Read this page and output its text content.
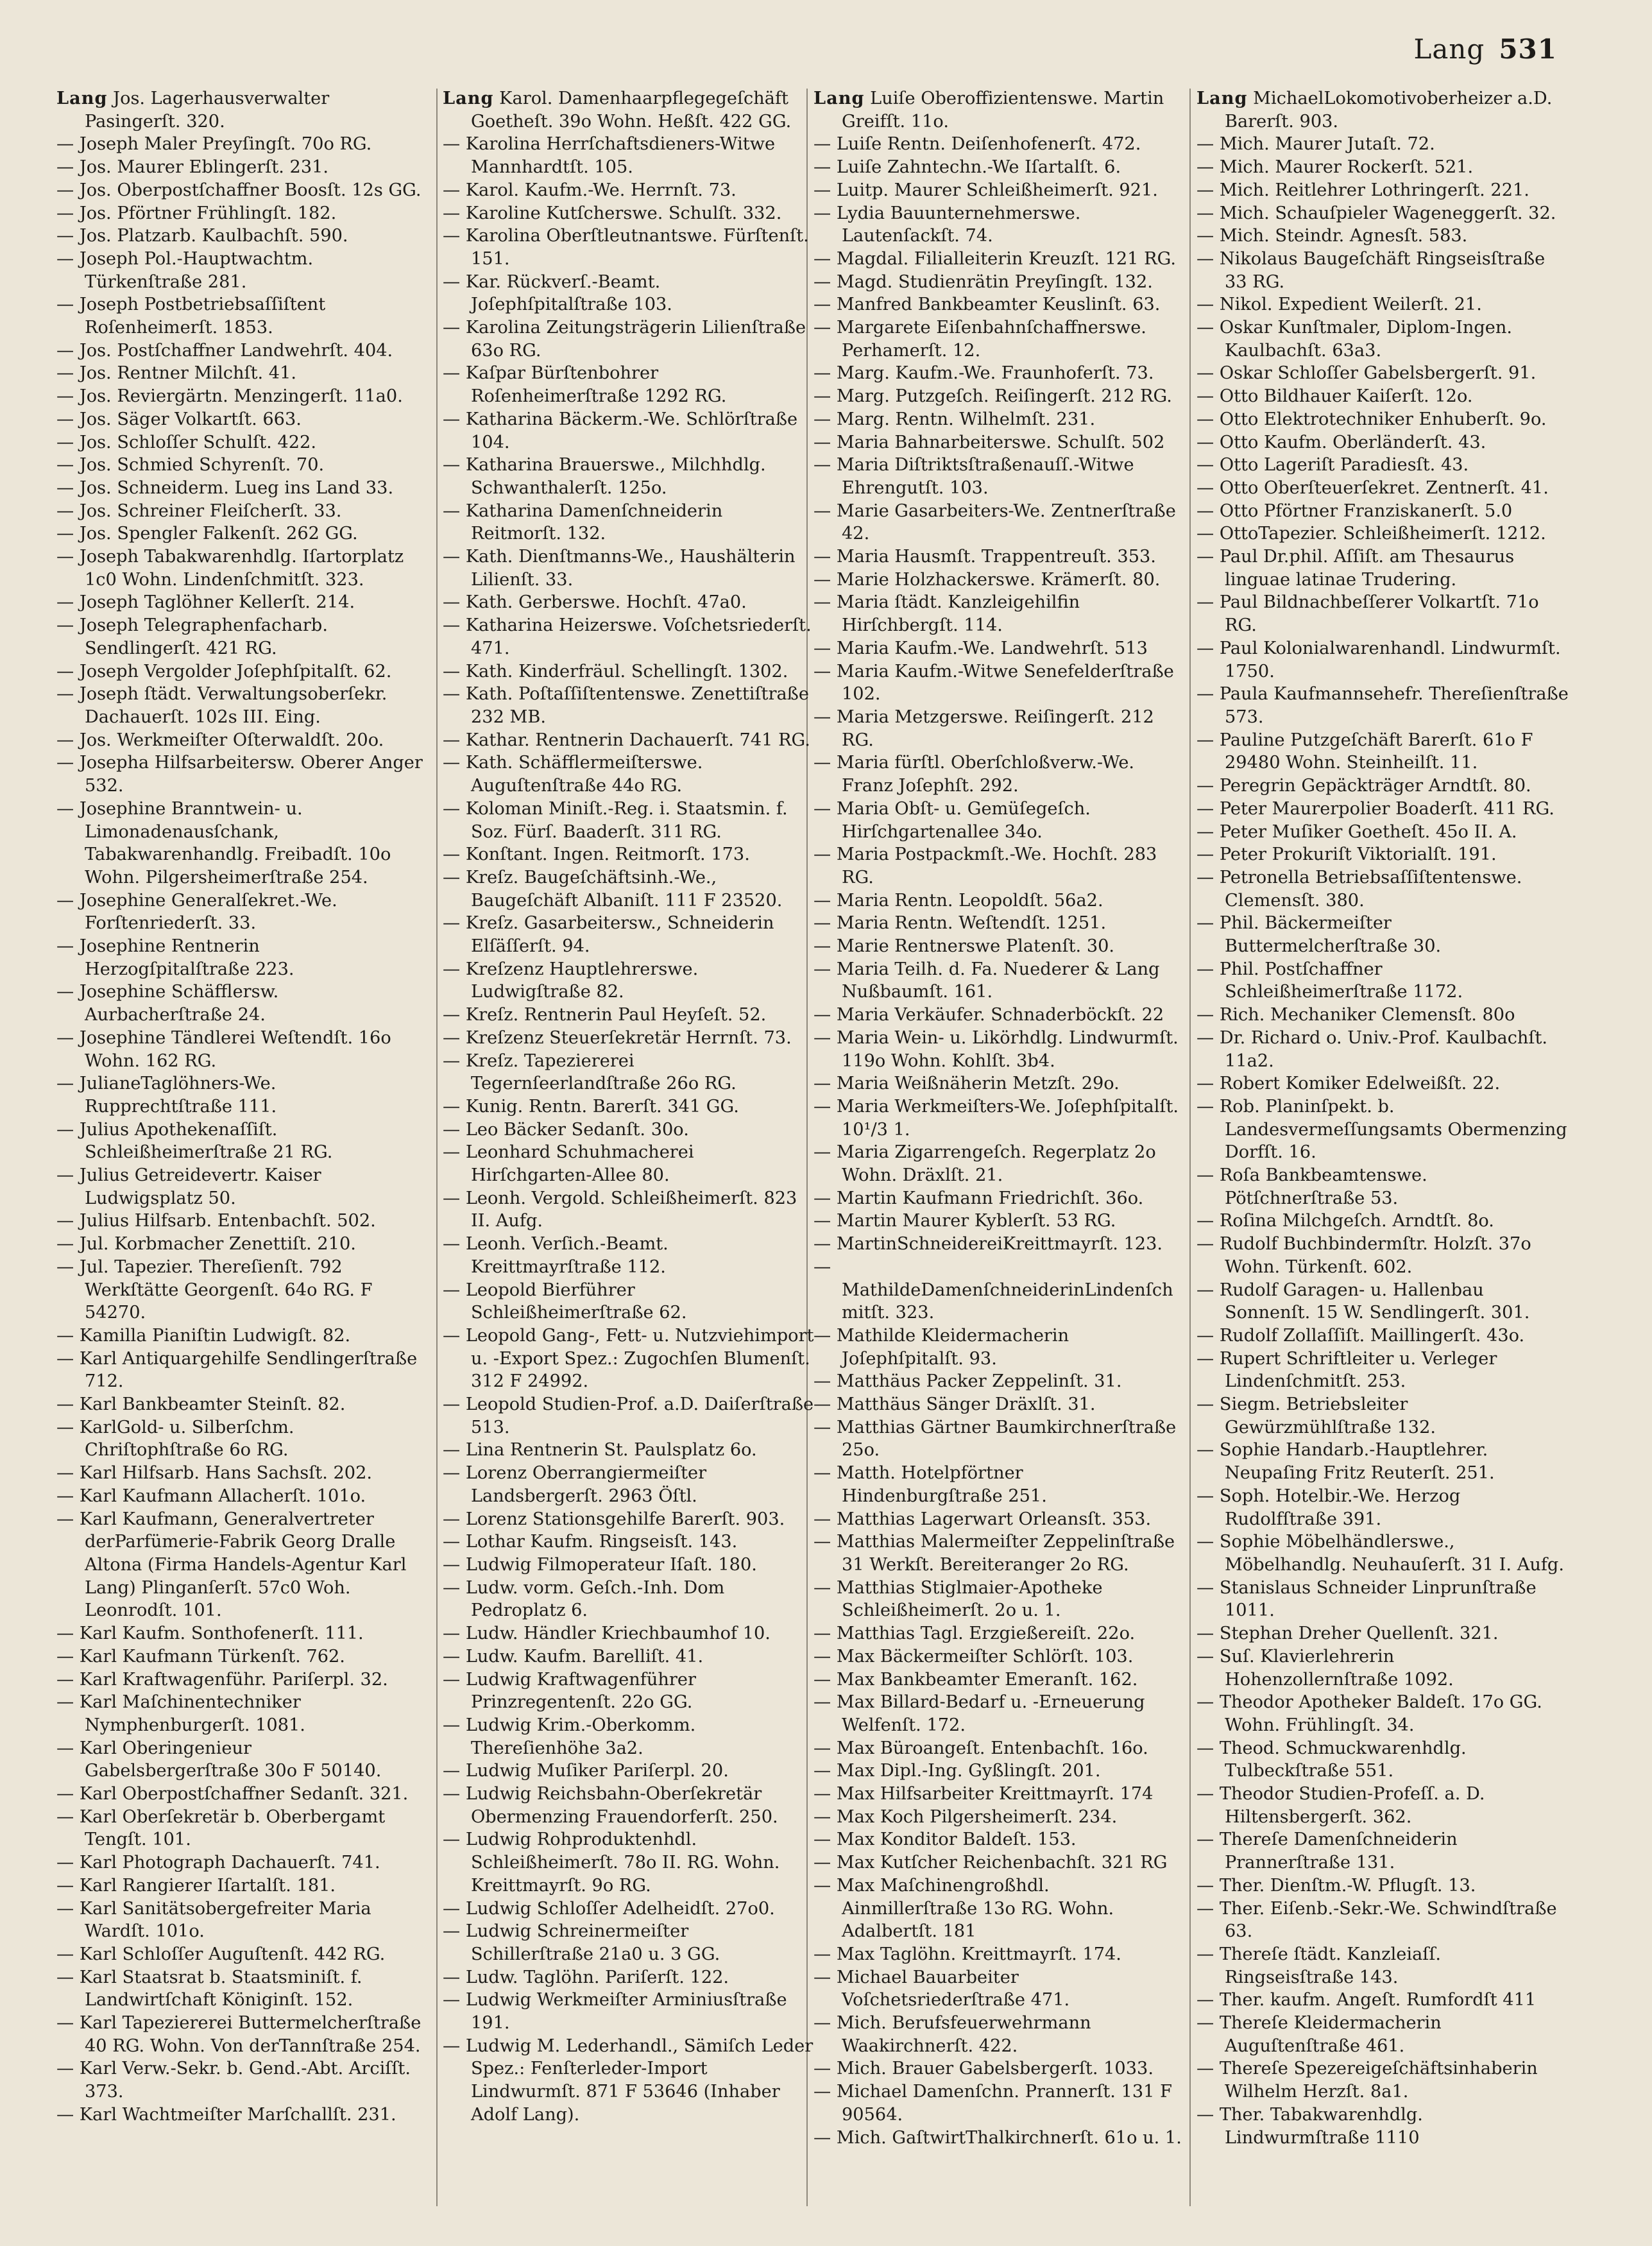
Lang 531

Lang Jos. Lagerhausverwalter Pasingerſt. 320.

— Joseph Maler Preyſingſt. 70o RG.

— Jos. Maurer Eblingerſt. 231.

— Jos. Oberpostſchaffner Boosſt. 12s GG.

— Jos. Pförtner Frühlingſt. 182.

— Jos. Platzarb. Kaulbachſt. 590.

— Joseph Pol.-Hauptwachtm. Türkenſtraße 281.

— Joseph Postbetriebsaſſiſtent Roſenheimerſt. 1853.

— Jos. Postſchaffner Landwehrſt. 404.

— Jos. Rentner Milchſt. 41.

— Jos. Reviergärtn. Menzingerſt. 11a0.

— Jos. Säger Volkartſt. 663.

— Jos. Schloſſer Schulſt. 422.

— Jos. Schmied Schyrenſt. 70.

— Jos. Schneiderm. Lueg ins Land 33.

— Jos. Schreiner Fleiſcherſt. 33.

— Jos. Spengler Falkenſt. 262 GG.

— Joseph Tabakwarenhdlg. Iſartorplatz 1c0 Wohn. Lindenſchmitſt. 323.

— Joseph Taglöhner Kellerſt. 214.

— Joseph Telegraphenfacharb. Sendlingerſt. 421 RG.

— Joseph Vergolder Joſephſpitalſt. 62.

— Joseph ſtädt. Verwaltungsoberſekr. Dachauerſt. 102s III. Eing.

— Jos. Werkmeiſter Oſterwaldſt. 20o.

— Josepha Hilfsarbeitersw. Oberer Anger 532.

— Josephine Branntwein- u. Limonadenausſchank, Tabakwarenhandlg. Freibadſt. 10o Wohn. Pilgersheimerſtraße 254.

— Josephine Generalſekret.-We. Forſtenriederſt. 33.

— Josephine Rentnerin Herzogſpitalſtraße 223.

— Josephine Schäfflersw. Aurbacherſtraße 24.

— Josephine Tändlerei Weſtendſt. 16o Wohn. 162 RG.

— JulianeTaglöhners-We. Rupprechtſtraße 111.

— Julius Apothekenaſſiſt. Schleißheimerſtraße 21 RG.

— Julius Getreidevertr. Kaiser Ludwigsplatz 50.

— Julius Hilfsarb. Entenbachſt. 502.

— Jul. Korbmacher Zenettiſt. 210.

— Jul. Tapezier. Thereſienſt. 792 Werkſtätte Georgenſt. 64o RG. F 54270.

— Kamilla Pianiſtin Ludwigſt. 82.

— Karl Antiquargehilfe Sendlingerſtraße 712.

— Karl Bankbeamter Steinſt. 82.

— KarlGold- u. Silberſchm. Chriſtophſtraße 6o RG.

— Karl Hilfsarb. Hans Sachsſt. 202.

— Karl Kaufmann Allacherſt. 101o.

— Karl Kaufmann, Generalvertreter derParfümerie-Fabrik Georg Dralle Altona (Firma Handels-Agentur Karl Lang) Plinganſerſt. 57c0 Woh. Leonrodſt. 101.

— Karl Kaufm. Sonthofenerſt. 111.

— Karl Kaufmann Türkenſt. 762.

— Karl Kraftwagenführ. Pariſerpl. 32.

— Karl Maſchinentechniker Nymphenburgerſt. 1081.

— Karl Oberingenieur Gabelsbergerſtraße 30o F 50140.

— Karl Oberpostſchaffner Sedanſt. 321.

— Karl Oberſekretär b. Oberbergamt Tengſt. 101.

— Karl Photograph Dachauerſt. 741.

— Karl Rangierer Iſartalſt. 181.

— Karl Sanitätsobergefreiter Maria Wardſt. 101o.

— Karl Schloſſer Auguſtenſt. 442 RG.

— Karl Staatsrat b. Staatsminiſt. f. Landwirtſchaft Königinſt. 152.

— Karl Tapeziererei Buttermelcherſtraße 40 RG. Wohn. Von derTannſtraße 254.

— Karl Verw.-Sekr. b. Gend.-Abt. Arciſſt. 373.

— Karl Wachtmeiſter Marſchallſt. 231.

Lang Karol. Damenhaarpflegegeſchäft Goetheſt. 39o Wohn. Heßſt. 422 GG.

— Karolina Herrſchaftsdieners-Witwe Mannhardtſt. 105.

— Karol. Kaufm.-We. Herrnſt. 73.

— Karoline Kutſcherswe. Schulſt. 332.

— Karolina Oberſtleutnantswe. Fürſtenſt. 151.

— Kar. Rückverſ.-Beamt. Joſephſpitalſtraße 103.

— Karolina Zeitungsträgerin Lilienſtraße 63o RG.

— Kaſpar Bürſtenbohrer Roſenheimerſtraße 1292 RG.

— Katharina Bäckerm.-We. Schlörſtraße 104.

— Katharina Brauerswe., Milchhdlg. Schwanthalerſt. 125o.

— Katharina Damenſchneiderin Reitmorſt. 132.

— Kath. Dienſtmanns-We., Haushälterin Lilienſt. 33.

— Kath. Gerberswe. Hochſt. 47a0.

— Katharina Heizerswe. Voſchetsriederſt. 471.

— Kath. Kinderfräul. Schellingſt. 1302.

— Kath. Poſtaſſiſtentenswe. Zenettiſtraße 232 MB.

— Kathar. Rentnerin Dachauerſt. 741 RG.

— Kath. Schäfflermeiſterswe. Auguſtenſtraße 44o RG.

— Koloman Miniſt.-Reg. i. Staatsmin. f. Soz. Fürſ. Baaderſt. 311 RG.

— Konſtant. Ingen. Reitmorſt. 173.

— Kreſz. Baugeſchäftsinh.-We., Baugeſchäft Albaniſt. 111 F 23520.

— Kreſz. Gasarbeitersw., Schneiderin Elſäſſerſt. 94.

— Kreſzenz Hauptlehrerswe. Ludwigſtraße 82.

— Kreſz. Rentnerin Paul Heyſeſt. 52.

— Kreſzenz Steuerſekretär Herrnſt. 73.

— Kreſz. Tapeziererei Tegernſeerlandſtraße 26o RG.

— Kunig. Rentn. Barerſt. 341 GG.

— Leo Bäcker Sedanſt. 30o.

— Leonhard Schuhmacherei Hirſchgarten-Allee 80.

— Leonh. Vergold. Schleißheimerſt. 823 II. Aufg.

— Leonh. Verſich.-Beamt. Kreittmayrſtraße 112.

— Leopold Bierführer Schleißheimerſtraße 62.

— Leopold Gang-, Fett- u. Nutzviehimport u. -Export Spez.: Zugochſen Blumenſt. 312 F 24992.

— Leopold Studien-Prof. a.D. Daiſerſtraße 513.

— Lina Rentnerin St. Paulsplatz 6o.

— Lorenz Oberrangiermeiſter Landsbergerſt. 2963 Öſtl.

— Lorenz Stationsgehilfe Barerſt. 903.

— Lothar Kaufm. Ringseisſt. 143.

— Ludwig Filmoperateur Iſaſt. 180.

— Ludw. vorm. Geſch.-Inh. Dom Pedroplatz 6.

— Ludw. Händler Kriechbaumhof 10.

— Ludw. Kaufm. Barelliſt. 41.

— Ludwig Kraftwagenführer Prinzregentenſt. 22o GG.

— Ludwig Krim.-Oberkomm. Thereſienhöhe 3a2.

— Ludwig Muſiker Pariſerpl. 20.

— Ludwig Reichsbahn-Oberſekretär Obermenzing Frauendorferſt. 250.

— Ludwig Rohproduktenhdl. Schleißheimerſt. 78o II. RG. Wohn. Kreittmayrſt. 9o RG.

— Ludwig Schloſſer Adelheidſt. 27o0.

— Ludwig Schreinermeiſter Schillerſtraße 21a0 u. 3 GG.

— Ludw. Taglöhn. Pariſerſt. 122.

— Ludwig Werkmeiſter Arminiusſtraße 191.

— Ludwig M. Lederhandl., Sämiſch Leder Spez.: Fenſterleder-Import Lindwurmſt. 871 F 53646 (Inhaber Adolf Lang).

Lang Luiſe Oberoffizientenswe. Martin Greifſt. 11o.

— Luiſe Rentn. Deiſenhofenerſt. 472.

— Luiſe Zahntechn.-We Iſartalſt. 6.

— Luitp. Maurer Schleißheimerſt. 921.

— Lydia Bauunternehmerswe. Lautenſackſt. 74.

— Magdal. Filialleiterin Kreuzſt. 121 RG.

— Magd. Studienrätin Preyſingſt. 132.

— Manfred Bankbeamter Keuslinſt. 63.

— Margarete Eiſenbahnſchaffnerswe. Perhamerſt. 12.

— Marg. Kaufm.-We. Fraunhoferſt. 73.

— Marg. Putzgeſch. Reiſingerſt. 212 RG.

— Marg. Rentn. Wilhelmſt. 231.

— Maria Bahnarbeiterswe. Schulſt. 502

— Maria Diſtriktsſtraßenauſſ.-Witwe Ehrengutſt. 103.

— Marie Gasarbeiters-We. Zentnerſtraße 42.

— Maria Hausmſt. Trappentreuſt. 353.

— Marie Holzhackerswe. Krämerſt. 80.

— Maria ſtädt. Kanzleigehilfin Hirſchbergſt. 114.

— Maria Kaufm.-We. Landwehrſt. 513

— Maria Kaufm.-Witwe Senefelderſtraße 102.

— Maria Metzgerswe. Reiſingerſt. 212 RG.

— Maria fürſtl. Oberſchloßverw.-We. Franz Joſephſt. 292.

— Maria Obſt- u. Gemüſegeſch. Hirſchgartenallee 34o.

— Maria Postpackmſt.-We. Hochſt. 283 RG.

— Maria Rentn. Leopoldſt. 56a2.

— Maria Rentn. Weſtendſt. 1251.

— Marie Rentnerswe Platenſt. 30.

— Maria Teilh. d. Fa. Nuederer & Lang Nußbaumſt. 161.

— Maria Verkäufer. Schnaderböckſt. 22

— Maria Wein- u. Likörhdlg. Lindwurmſt. 119o Wohn. Kohlſt. 3b4.

— Maria Weißnäherin Metzſt. 29o.

— Maria Werkmeiſters-We. Joſephſpitalſt. 10¹/3 1.

— Maria Zigarrengeſch. Regerplatz 2o Wohn. Dräxlſt. 21.

— Martin Kaufmann Friedrichſt. 36o.

— Martin Maurer Kyblerſt. 53 RG.

— MartinSchneidereiKreittmayrſt. 123.

— MathildeDamenſchneiderinLindenſchmitſt. 323.

— Mathilde Kleidermacherin Joſephſpitalſt. 93.

— Matthäus Packer Zeppelinſt. 31.

— Matthäus Sänger Dräxlſt. 31.

— Matthias Gärtner Baumkirchnerſtraße 25o.

— Matth. Hotelpförtner Hindenburgſtraße 251.

— Matthias Lagerwart Orleansſt. 353.

— Matthias Malermeiſter Zeppelinſtraße 31 Werkſt. Bereiteranger 2o RG.

— Matthias Stiglmaier-Apotheke Schleißheimerſt. 2o u. 1.

— Matthias Tagl. Erzgießereiſt. 22o.

— Max Bäckermeiſter Schlörſt. 103.

— Max Bankbeamter Emeranſt. 162.

— Max Billard-Bedarf u. -Erneuerung Welfenſt. 172.

— Max Büroangeſt. Entenbachſt. 16o.

— Max Dipl.-Ing. Gyßlingſt. 201.

— Max Hilfsarbeiter Kreittmayrſt. 174

— Max Koch Pilgersheimerſt. 234.

— Max Konditor Baldeſt. 153.

— Max Kutſcher Reichenbachſt. 321 RG

— Max Maſchinengroßhdl. Ainmillerſtraße 13o RG. Wohn. Adalbertſt. 181

— Max Taglöhn. Kreittmayrſt. 174.

— Michael Bauarbeiter Voſchetsriederſtraße 471.

— Mich. Berufsfeuerwehrmann Waakirchnerſt. 422.

— Mich. Brauer Gabelsbergerſt. 1033.

— Michael Damenſchn. Prannerſt. 131 F 90564.

— Mich. GaſtwirtThalkirchnerſt. 61o u. 1.

Lang MichaelLokomotivoberheizer a.D. Barerſt. 903.

— Mich. Maurer Jutaſt. 72.

— Mich. Maurer Rockerſt. 521.

— Mich. Reitlehrer Lothringerſt. 221.

— Mich. Schauſpieler Wageneggerſt. 32.

— Mich. Steindr. Agnesſt. 583.

— Nikolaus Baugeſchäft Ringseisſtraße 33 RG.

— Nikol. Expedient Weilerſt. 21.

— Oskar Kunſtmaler, Diplom-Ingen. Kaulbachſt. 63a3.

— Oskar Schloſſer Gabelsbergerſt. 91.

— Otto Bildhauer Kaiſerſt. 12o.

— Otto Elektrotechniker Enhuberſt. 9o.

— Otto Kaufm. Oberländerſt. 43.

— Otto Lageriſt Paradiesſt. 43.

— Otto Oberſteuerſekret. Zentnerſt. 41.

— Otto Pförtner Franziskanerſt. 5.0

— OttoTapezier. Schleißheimerſt. 1212.

— Paul Dr.phil. Aſſiſt. am Thesaurus linguae latinae Trudering.

— Paul Bildnachbeſſerer Volkartſt. 71o RG.

— Paul Kolonialwarenhandl. Lindwurmſt. 1750.

— Paula Kaufmannsehefr. Thereſienſtraße 573.

— Pauline Putzgeſchäft Barerſt. 61o F 29480 Wohn. Steinheilſt. 11.

— Peregrin Gepäckträger Arndtſt. 80.

— Peter Maurerpolier Boaderſt. 411 RG.

— Peter Muſiker Goetheſt. 45o II. A.

— Peter Prokuriſt Viktorialſt. 191.

— Petronella Betriebsaſſiſtentenswe. Clemensſt. 380.

— Phil. Bäckermeiſter Buttermelcherſtraße 30.

— Phil. Postſchaffner Schleißheimerſtraße 1172.

— Rich. Mechaniker Clemensſt. 80o

— Dr. Richard o. Univ.-Prof. Kaulbachſt. 11a2.

— Robert Komiker Edelweißſt. 22.

— Rob. Planinſpekt. b. Landesvermeſſungsamts Obermenzing Dorfſt. 16.

— Roſa Bankbeamtenswe. Pötſchnerſtraße 53.

— Roſina Milchgeſch. Arndtſt. 8o.

— Rudolf Buchbindermſtr. Holzſt. 37o Wohn. Türkenſt. 602.

— Rudolf Garagen- u. Hallenbau Sonnenſt. 15 W. Sendlingerſt. 301.

— Rudolf Zollaſſiſt. Maillingerſt. 43o.

— Rupert Schriftleiter u. Verleger Lindenſchmitſt. 253.

— Siegm. Betriebsleiter Gewürzmühlſtraße 132.

— Sophie Handarb.-Hauptlehrer. Neupaſing Fritz Reuterſt. 251.

— Soph. Hotelbir.-We. Herzog Rudolfſtraße 391.

— Sophie Möbelhändlerswe., Möbelhandlg. Neuhauſerſt. 31 I. Aufg.

— Stanislaus Schneider Linprunſtraße 1011.

— Stephan Dreher Quellenſt. 321.

— Suſ. Klavierlehrerin Hohenzollernſtraße 1092.

— Theodor Apotheker Baldeſt. 17o GG. Wohn. Frühlingſt. 34.

— Theod. Schmuckwarenhdlg. Tulbeckſtraße 551.

— Theodor Studien-Profeſſ. a. D. Hiltensbergerſt. 362.

— Thereſe Damenſchneiderin Prannerſtraße 131.

— Ther. Dienſtm.-W. Pflugſt. 13.

— Ther. Eiſenb.-Sekr.-We. Schwindſtraße 63.

— Thereſe ſtädt. Kanzleiaſſ. Ringseisſtraße 143.

— Ther. kaufm. Angeſt. Rumfordſt 411

— Thereſe Kleidermacherin Auguſtenſtraße 461.

— Thereſe Spezereigeſchäftsinhaberin Wilhelm Herzſt. 8a1.

— Ther. Tabakwarenhdlg. Lindwurmſtraße 1110
